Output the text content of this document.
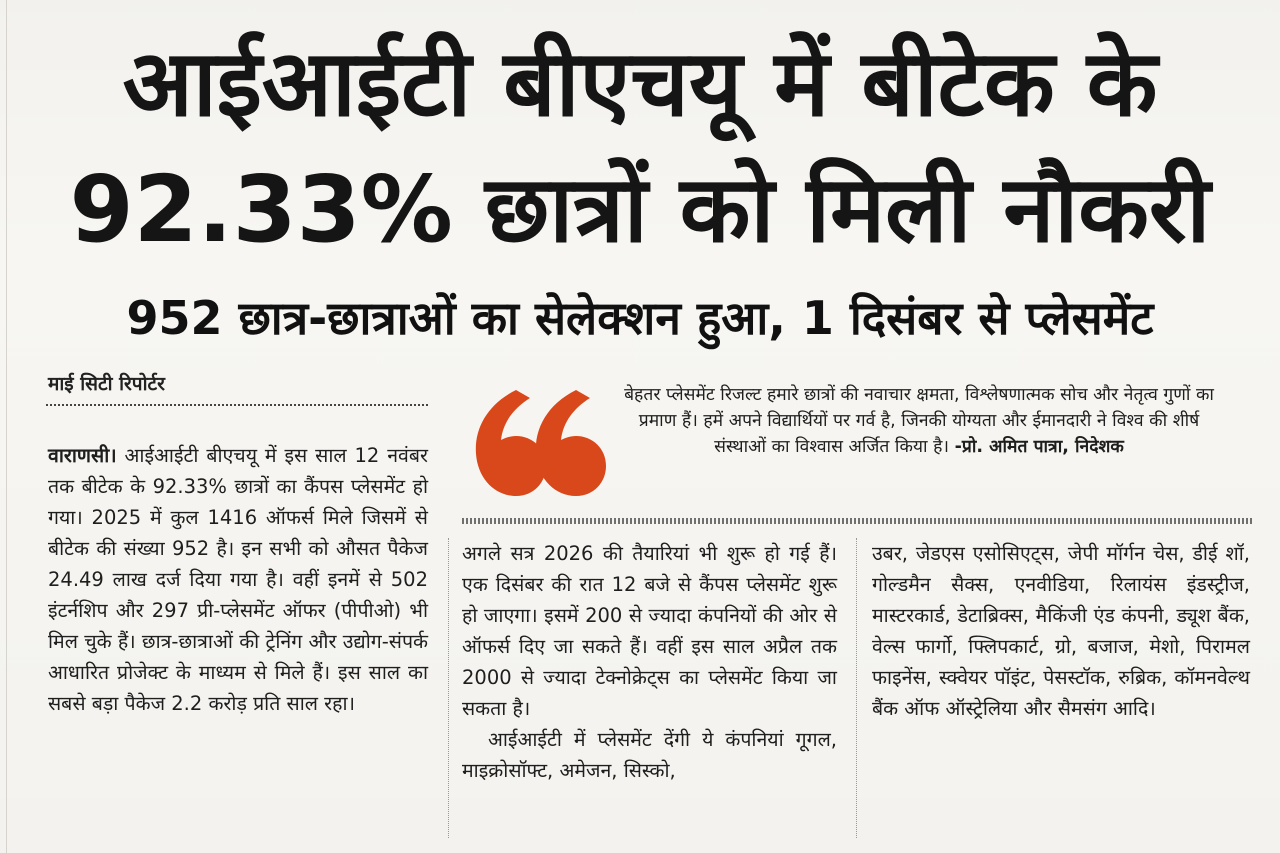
आईआईटी बीएचयू में बीटेक के
92.33% छात्रों को मिली नौकरी
952 छात्र-छात्राओं का सेलेक्शन हुआ, 1 दिसंबर से प्लेसमेंट
माई सिटी रिपोर्टर	बेहतर प्लेसमेंट रिजल्ट हमारे छात्रों की नवाचार क्षमता, विश्लेषणात्मक सोच और नेतृत्व गुणों का प्रमाण हैं। हमें अपने विद्यार्थियों पर गर्व है, जिनकी योग्यता और ईमानदारी ने विश्व की शीर्ष संस्थाओं का विश्वास अर्जित किया है। -प्रो. अमित पात्रा, निदेशक

वाराणसी। आईआईटी बीएचयू में इस साल 12 नवंबर तक बीटेक के 92.33% छात्रों का कैंपस प्लेसमेंट हो गया। 2025 में कुल 1416 ऑफर्स मिले जिसमें से बीटेक की संख्या 952 है। इन सभी को औसत पैकेज 24.49 लाख दर्ज दिया गया है। वहीं इनमें से 502 इंटर्नशिप और 297 प्री-प्लेसमेंट ऑफर (पीपीओ) भी मिल चुके हैं। छात्र-छात्राओं की ट्रेनिंग और उद्योग-संपर्क आधारित प्रोजेक्ट के माध्यम से मिले हैं। इस साल का सबसे बड़ा पैकेज 2.2 करोड़ प्रति साल रहा।

अगले सत्र 2026 की तैयारियां भी शुरू हो गई हैं। एक दिसंबर की रात 12 बजे से कैंपस प्लेसमेंट शुरू हो जाएगा। इसमें 200 से ज्यादा कंपनियों की ओर से ऑफर्स दिए जा सकते हैं। वहीं इस साल अप्रैल तक 2000 से ज्यादा टेक्नोक्रेट्स का प्लेसमेंट किया जा सकता है।

आईआईटी में प्लेसमेंट देंगी ये कंपनियां गूगल, माइक्रोसॉफ्ट, अमेजन, सिस्को,

उबर, जेडएस एसोसिएट्स, जेपी मॉर्गन चेस, डीई शॉ, गोल्डमैन सैक्स, एनवीडिया, रिलायंस इंडस्ट्रीज, मास्टरकार्ड, डेटाब्रिक्स, मैकिंजी एंड कंपनी, ड्यूश बैंक, वेल्स फार्गो, फ्लिपकार्ट, ग्रो, बजाज, मेशो, पिरामल फाइनेंस, स्क्वेयर पॉइंट, पेसस्टॉक, रुब्रिक, कॉमनवेल्थ बैंक ऑफ ऑस्ट्रेलिया और सैमसंग आदि।
